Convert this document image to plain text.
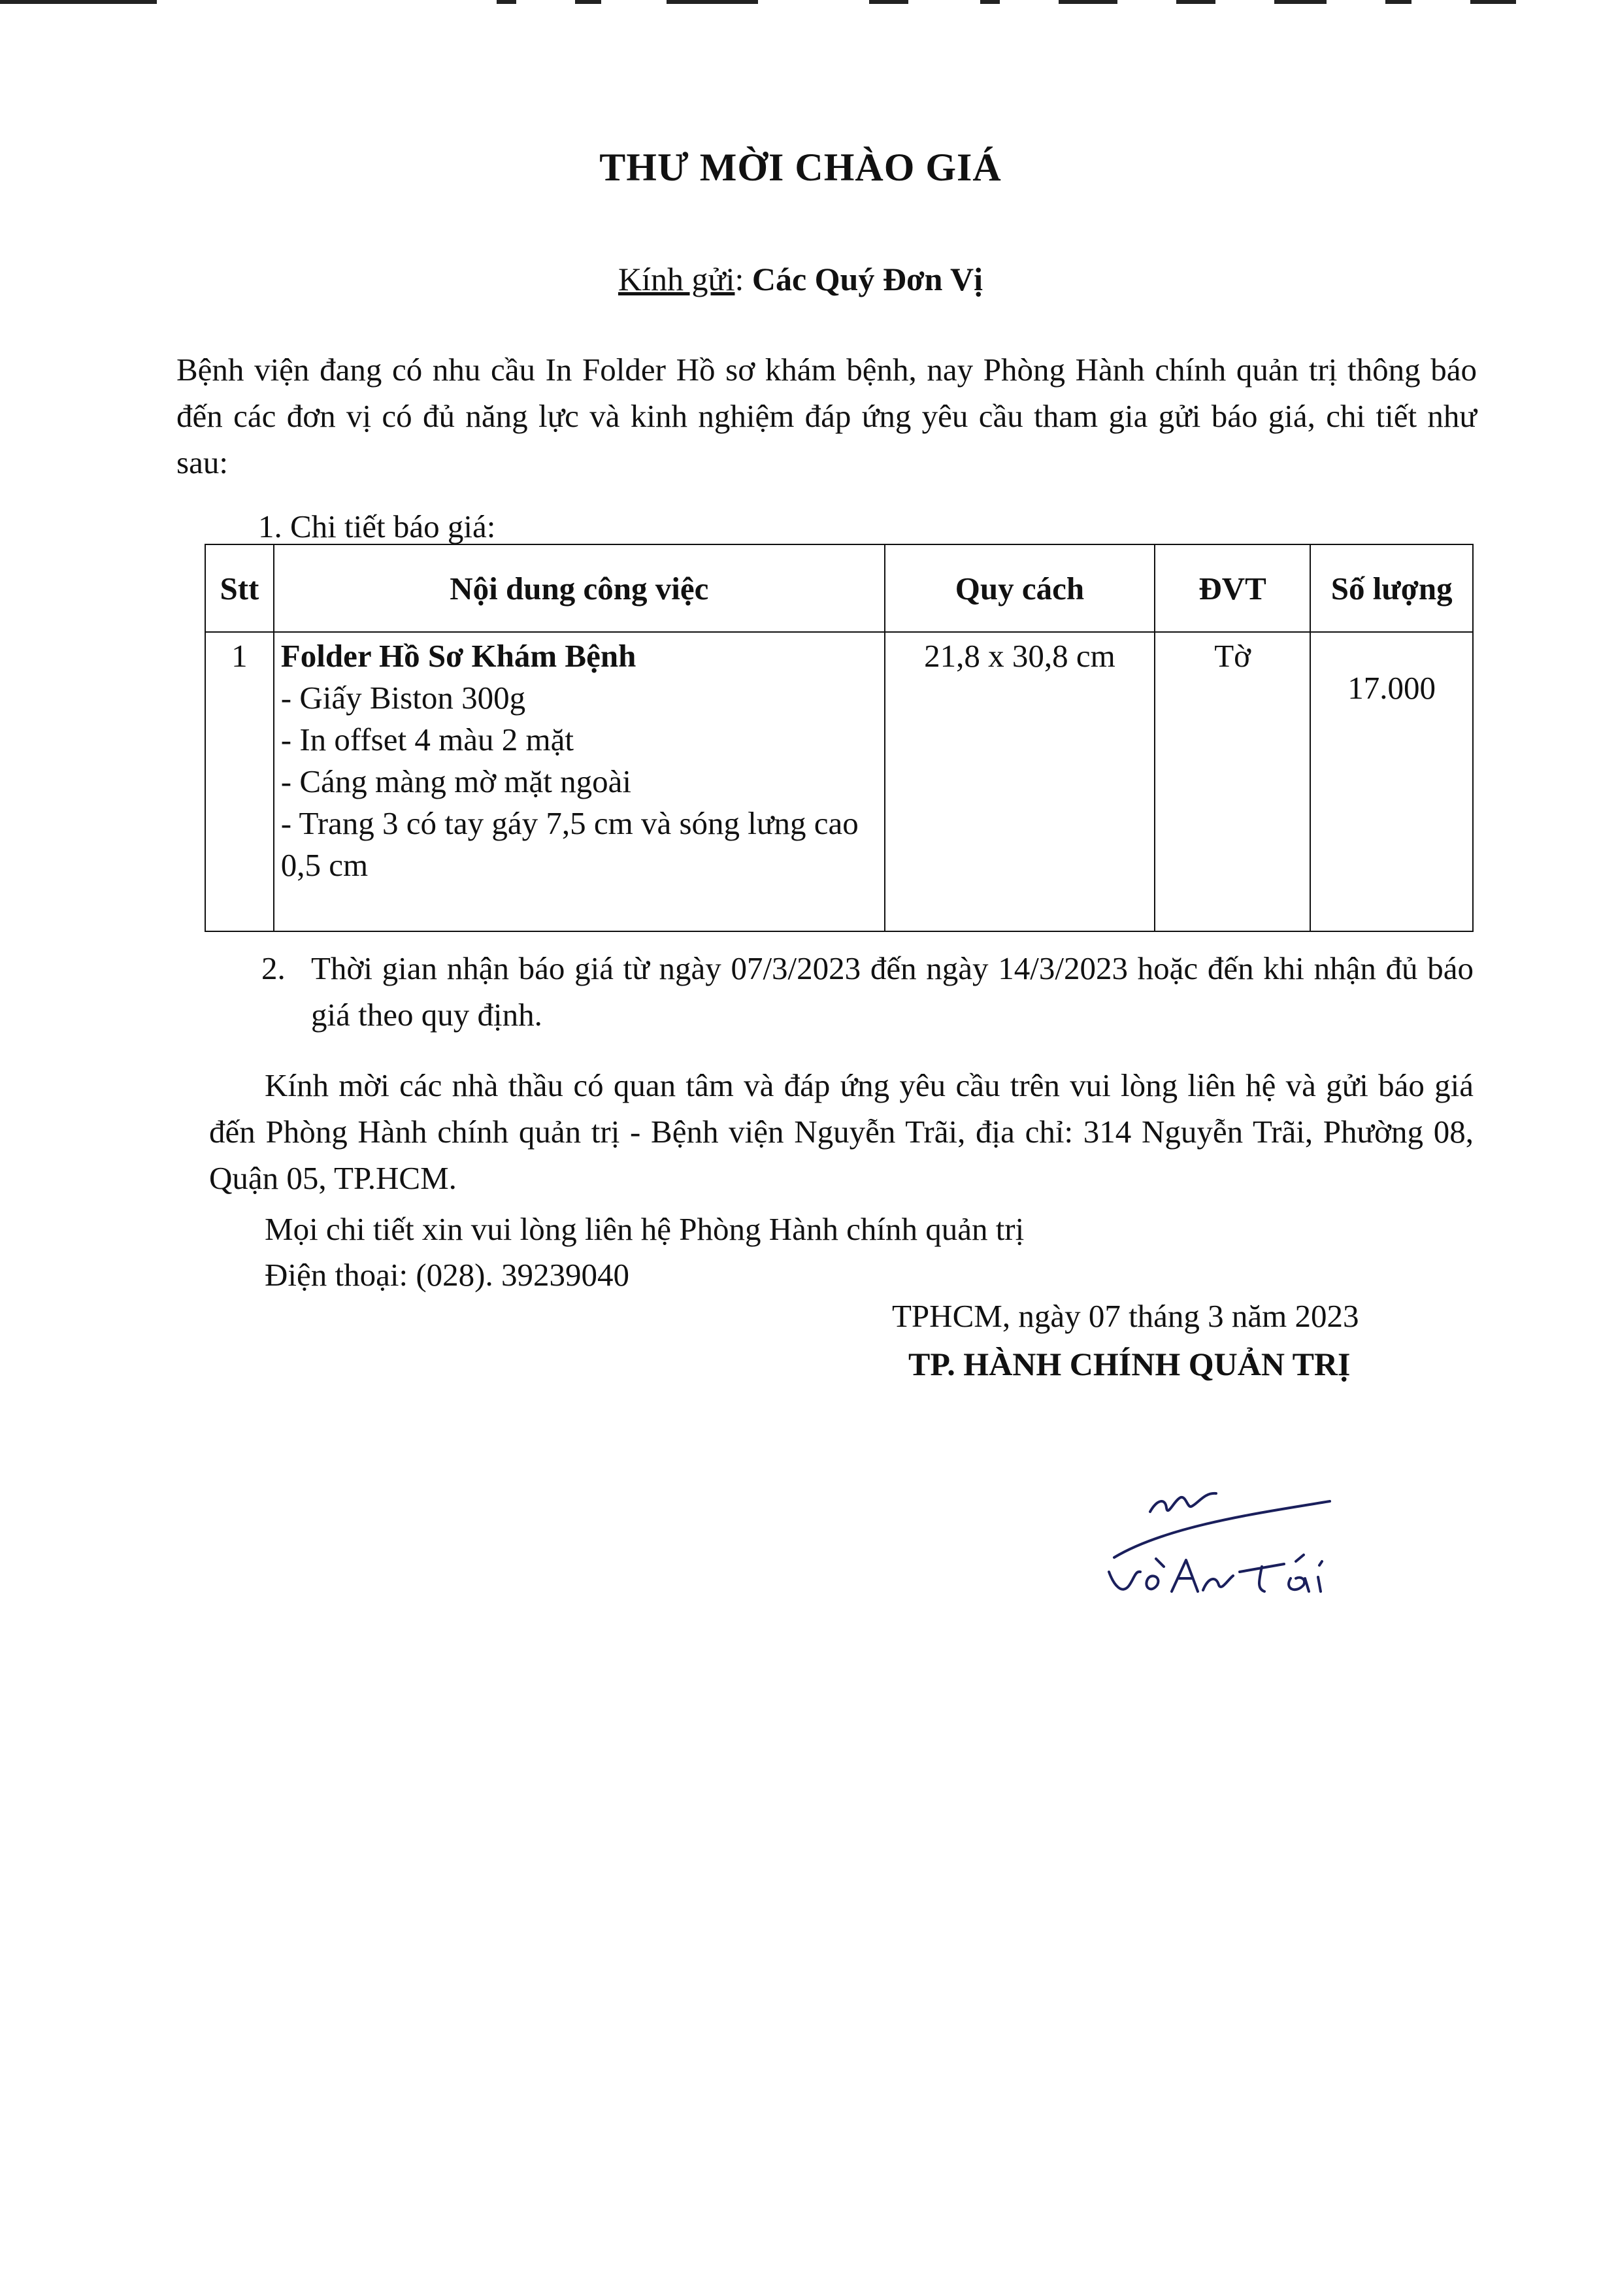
THƯ MỜI CHÀO GIÁ
Kính gửi: Các Quý Đơn Vị
Bệnh viện đang có nhu cầu In Folder Hồ sơ khám bệnh, nay Phòng Hành chính quản trị thông báo đến các đơn vị có đủ năng lực và kinh nghiệm đáp ứng yêu cầu tham gia gửi báo giá, chi tiết như sau:
1. Chi tiết báo giá:
Stt	Nội dung công việc	Quy cách	ĐVT	Số lượng

1	Folder Hồ Sơ Khám Bệnh
- Giấy Biston 300g
- In offset 4 màu 2 mặt
- Cáng màng mờ mặt ngoài
- Trang 3 có tay gáy 7,5 cm và sóng lưng cao 0,5 cm	21,8 x 30,8 cm	Tờ	17.000
2. Thời gian nhận báo giá từ ngày 07/3/2023 đến ngày 14/3/2023 hoặc đến khi nhận đủ báo giá theo quy định.
Kính mời các nhà thầu có quan tâm và đáp ứng yêu cầu trên vui lòng liên hệ và gửi báo giá đến Phòng Hành chính quản trị - Bệnh viện Nguyễn Trãi, địa chỉ: 314 Nguyễn Trãi, Phường 08, Quận 05, TP.HCM.
Mọi chi tiết xin vui lòng liên hệ Phòng Hành chính quản trị
Điện thoại: (028). 39239040
TPHCM, ngày 07 tháng 3 năm 2023
TP. HÀNH CHÍNH QUẢN TRỊ
